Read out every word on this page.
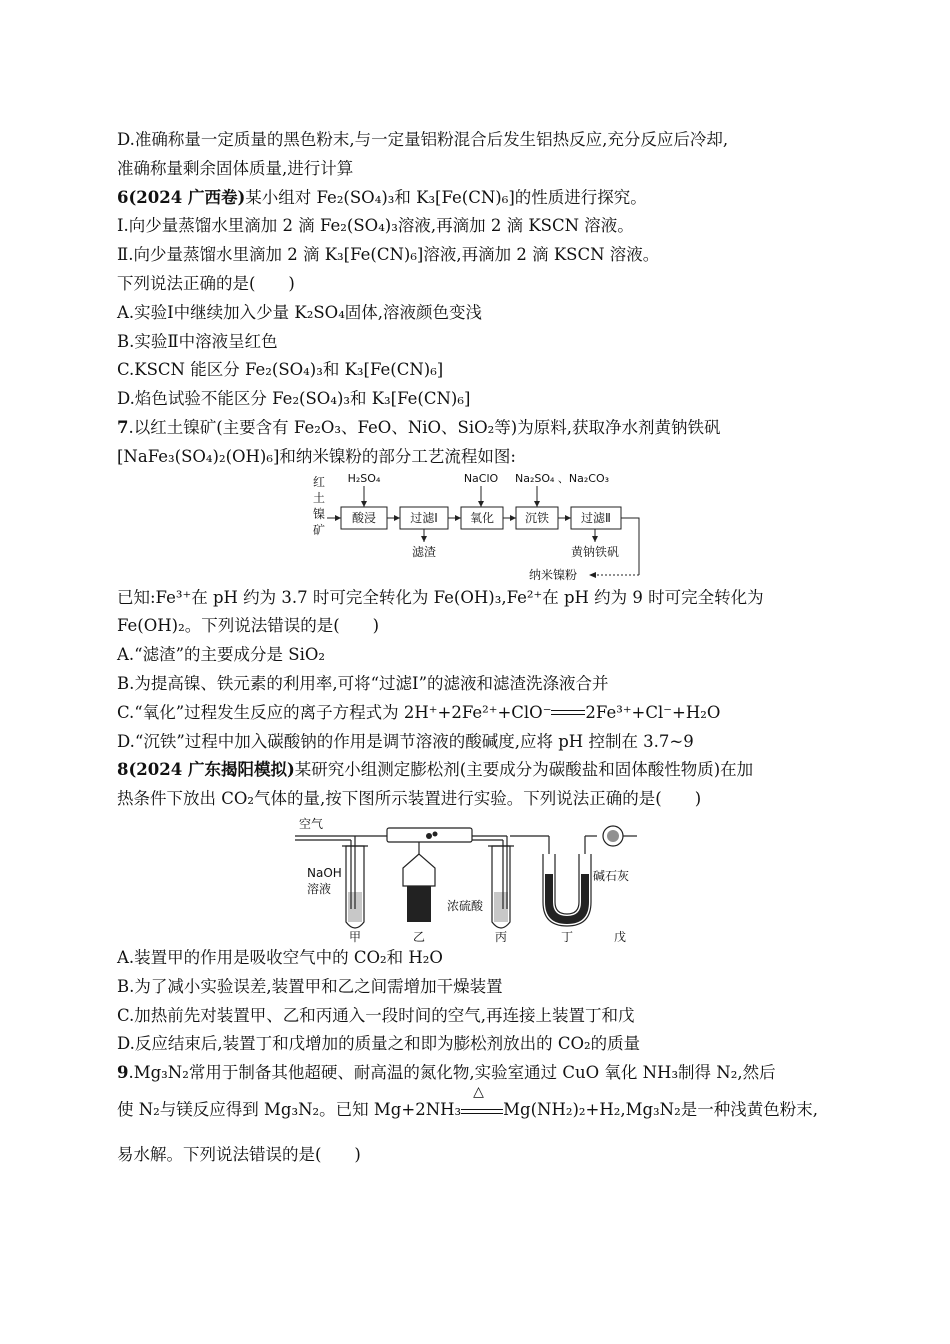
D.准确称量一定质量的黑色粉末,与一定量铝粉混合后发生铝热反应,充分反应后冷却,
准确称量剩余固体质量,进行计算
6(2024 广西卷)某小组对 Fe₂(SO₄)₃和 K₃[Fe(CN)₆]的性质进行探究。
Ⅰ.向少量蒸馏水里滴加 2 滴 Fe₂(SO₄)₃溶液,再滴加 2 滴 KSCN 溶液。
Ⅱ.向少量蒸馏水里滴加 2 滴 K₃[Fe(CN)₆]溶液,再滴加 2 滴 KSCN 溶液。
下列说法正确的是(　　)
A.实验Ⅰ中继续加入少量 K₂SO₄固体,溶液颜色变浅
B.实验Ⅱ中溶液呈红色
C.KSCN 能区分 Fe₂(SO₄)₃和 K₃[Fe(CN)₆]
D.焰色试验不能区分 Fe₂(SO₄)₃和 K₃[Fe(CN)₆]
7.以红土镍矿(主要含有 Fe₂O₃、FeO、NiO、SiO₂等)为原料,获取净水剂黄钠铁矾
[NaFe₃(SO₄)₂(OH)₆]和纳米镍粉的部分工艺流程如图:
红
土
镍
矿
H₂SO₄	NaClO Na₂SO₄ 、Na₂CO₃
酸浸	过滤Ⅰ	氧化	沉铁	过滤Ⅱ
滤渣	黄钠铁矾
纳米镍粉
已知:Fe³⁺在 pH 约为 3.7 时可完全转化为 Fe(OH)₃,Fe²⁺在 pH 约为 9 时可完全转化为
Fe(OH)₂。下列说法错误的是(　　)
A.“滤渣”的主要成分是 SiO₂
B.为提高镍、铁元素的利用率,可将“过滤Ⅰ”的滤液和滤渣洗涤液合并
C.“氧化”过程发生反应的离子方程式为 2H⁺+2Fe²⁺+ClO⁻ 2Fe³⁺+Cl⁻+H₂O
D.“沉铁”过程中加入碳酸钠的作用是调节溶液的酸碱度,应将 pH 控制在 3.7~9
8(2024 广东揭阳模拟)某研究小组测定膨松剂(主要成分为碳酸盐和固体酸性物质)在加
热条件下放出 CO₂气体的量,按下图所示装置进行实验。下列说法正确的是(　　)
空气
NaOH
溶液
浓硫酸
碱石灰
甲	乙	丙	丁	戊
A.装置甲的作用是吸收空气中的 CO₂和 H₂O
B.为了减小实验误差,装置甲和乙之间需增加干燥装置
C.加热前先对装置甲、乙和丙通入一段时间的空气,再连接上装置丁和戊
D.反应结束后,装置丁和戊增加的质量之和即为膨松剂放出的 CO₂的质量
9.Mg₃N₂常用于制备其他超硬、耐高温的氮化物,实验室通过 CuO 氧化 NH₃制得 N₂,然后
使 N₂与镁反应得到 Mg₃N₂。已知 Mg+2NH₃
△
Mg(NH₂)₂+H₂,Mg₃N₂是一种浅黄色粉末,
易水解。下列说法错误的是(　　)
